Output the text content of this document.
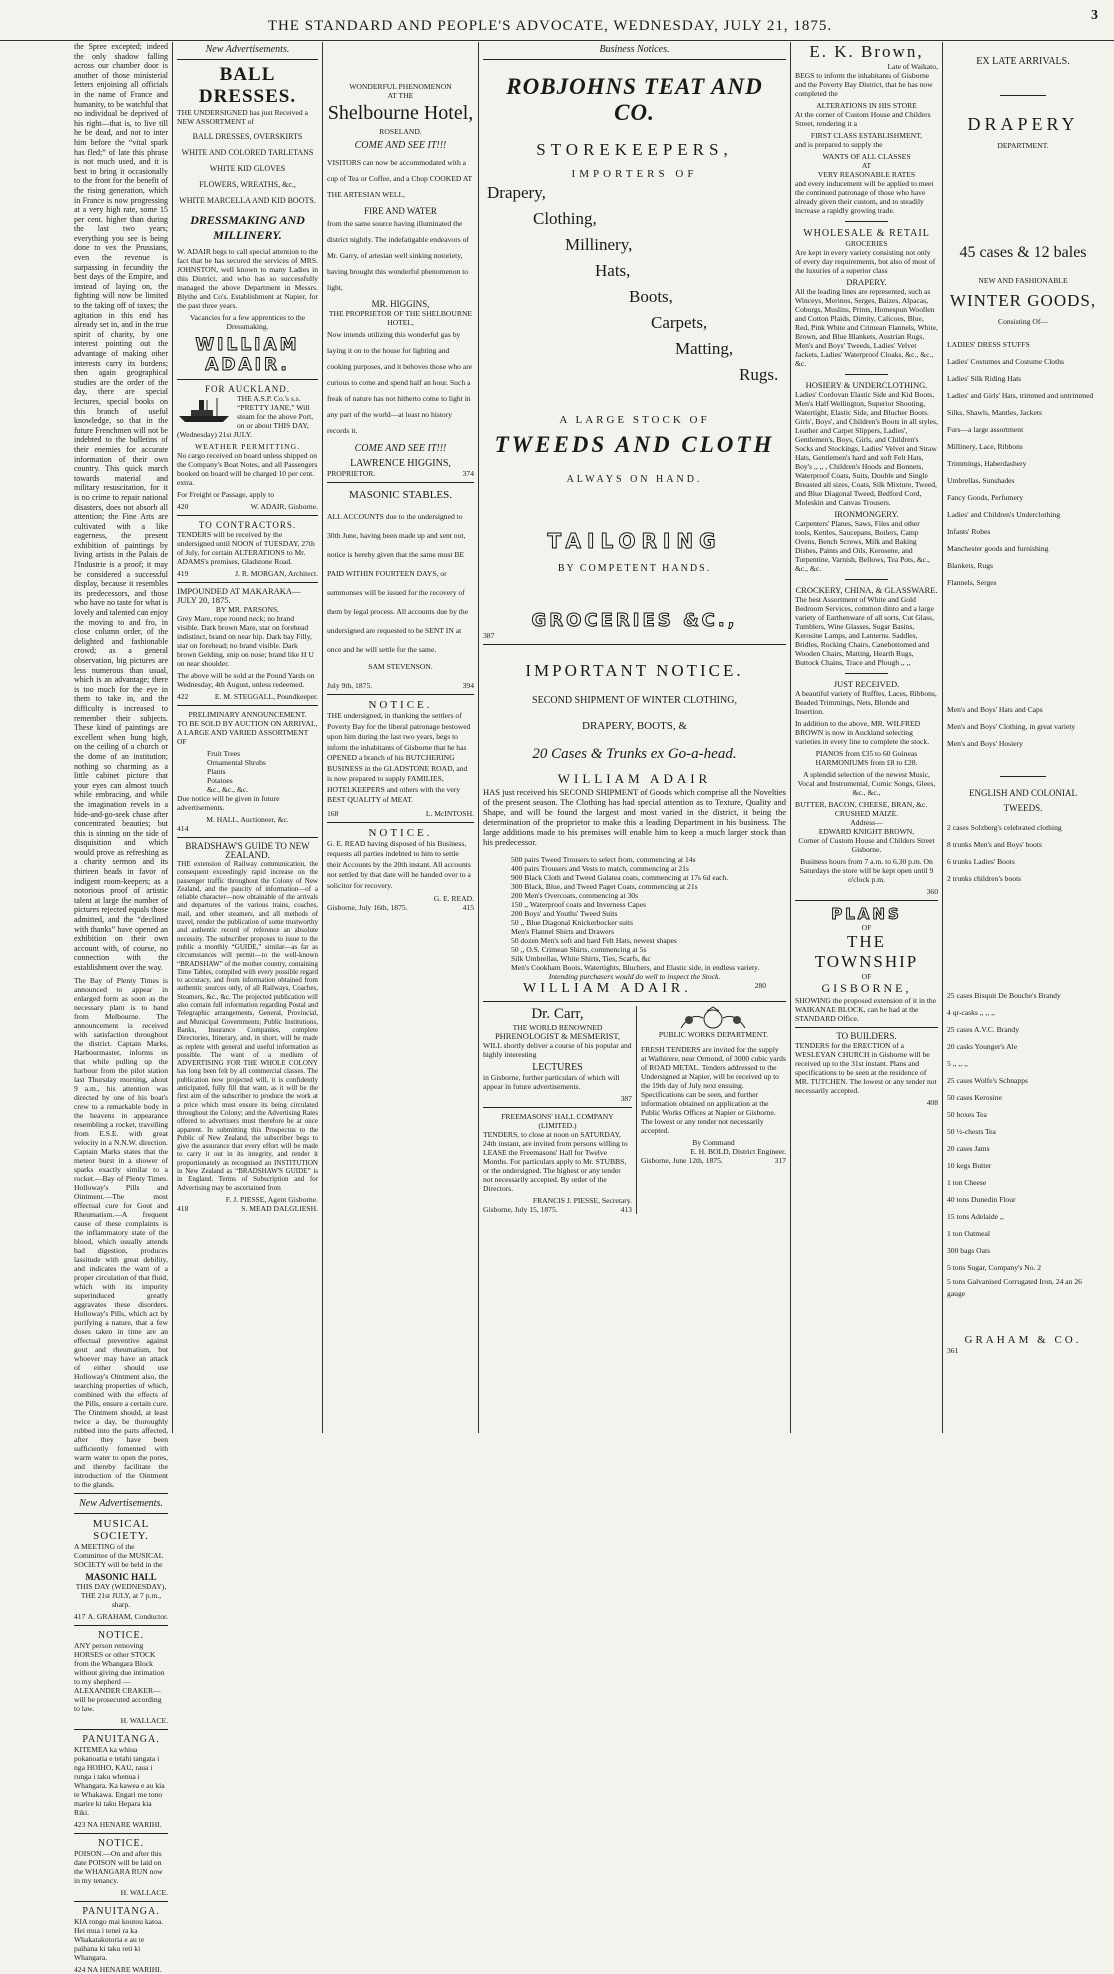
THE STANDARD AND PEOPLE'S ADVOCATE, WEDNESDAY, JULY 21, 1875.
3

the Spree excepted; indeed the only shadow falling across our chamber door is another of those ministerial letters enjoining all officials in the name of France and humanity, to be watchful that no individual be deprived of his right—that is, to live till he be dead, and not to inter him before the “vital spark has fled;” of late this phrase is not much used, and it is best to bring it occasionally to the front for the benefit of the rising generation, which in France is now progressing at a very high rate, some 15 per cent. higher than during the last two years; everything you see is being done to vex the Prussians, even the revenue is surpassing in fecundity the best days of the Empire, and instead of laying on, the fighting will now be limited to the taking off of taxes; the agitation in this end has already set in, and in the true spirit of charity, by one interest pointing out the advantage of making other interests carry its burdens; then again geographical studies are the order of the day, there are special lectures, special books on this branch of useful knowledge, so that in the future Frenchmen will not be indebted to the bulletins of their enemies for accurate information of their own country. This quick march towards material and military resuscitation, for it is no crime to repair national disasters, does not absorb all attention; the Fine Arts are cultivated with a like eagerness, the present exhibition of paintings by living artists in the Palais de l'Industrie is a proof; it may be considered a successful display, because it resembles its predecessors, and those who have no taste for what is lovely and talented can enjoy the moving to and fro, in close column order, of the delighted and fashionable crowd; as a general observation, big pictures are less numerous than usual, which is an advantage; there is too much for the eye in them to take in, and the difficulty is increased to remember their subjects. These kind of paintings are excellent when hung high, on the ceiling of a church or the dome of an institution; nothing so charming as a little cabinet picture that your eyes can almost touch while embracing, and while the imagination revels in a hide-and-go-seek chase after concentrated beauties; but this is sinning on the side of disquisition and which would prove as refreshing as a charity sermon and its thirteen heads in favor of indigent room-keepers; as a notorious proof of artistic talent at large the number of pictures rejected equals those admitted, and the “declined with thanks” have opened an exhibition on their own account with, of course, no connection with the establishment over the way.

The Bay of Plenty Times is announced to appear in enlarged form as soon as the necessary plant is to hand from Melbourne. The announcement is received with satisfaction throughout the district. Captain Marks, Harbourmaster, informs us that while pulling up the harbour from the pilot station last Thursday morning, about 9 a.m., his attention was directed by one of his boat's crew to a remarkable body in the heavens in appearance resembling a rocket, travelling from E.S.E. with great velocity in a N.N.W. direction. Captain Marks states that the meteor burst in a shower of sparks exactly similar to a rocket.—Bay of Plenty Times. Holloway's Pills and Ointment.—The most effectual cure for Gout and Rheumatism.—A frequent cause of these complaints is the inflammatory state of the blood, which usually attends bad digestion, produces lassitude with great debility, and indicates the want of a proper circulation of that fluid, which with its impurity superinduced greatly aggravates these disorders. Holloway's Pills, which act by purifying a nature, that a few doses taken in time are an effectual preventive against gout and rheumatism, but whoever may have an attack of either should use Holloway's Ointment also, the searching properties of which, combined with the effects of the Pills, ensure a certain cure. The Ointment should, at least twice a day, be thoroughly rubbed into the parts affected, after they have been sufficiently fomented with warm water to open the pores, and thereby facilitate the introduction of the Ointment to the glands.

New Advertisements.
MUSICAL SOCIETY.

A MEETING of the Committee of the MUSICAL SOCIETY will be held in the

MASONIC HALL

THIS DAY (WEDNESDAY), THE 21st JULY, at 7 p.m., sharp.

417 A. GRAHAM, Conductor.
NOTICE.

ANY person removing HORSES or other STOCK from the Whangara Block without giving due intimation to my shepherd —ALEXANDER CRAKER—will be prosecuted according to law.

H. WALLACE.
PANUITANGA.

KITEMEA ka whiua pokanoatia e tetahi tangata i nga HOIHO, KAU, raua i runga i taku whenua i Whangara. Ka kawea e au kia te Whakawa. Engari me tono marire ki taku Hepara kia Riki.

423 NA HENARE WARIHI.
NOTICE.

POISON.—On and after this date POISON will be laid on the WHANGARA RUN now in my tenancy.

H. WALLACE.
PANUITANGA.

KIA rongo mai koutou katoa. Hei mua i tenei ra ka Whakatakotoria e au te paihana ki taku reti ki Whangara.

424 NA HENARE WARIHI.
New Advertisements.
BALL DRESSES.

THE UNDERSIGNED has just Received a NEW ASSORTMENT of

BALL DRESSES, OVERSKIRTS
WHITE AND COLORED TARLETANS
WHITE KID GLOVES
FLOWERS, WREATHS, &c.,
WHITE MARCELLA AND KID BOOTS.
DRESSMAKING AND MILLINERY.

W. ADAIR begs to call special attention to the fact that he has secured the services of MRS. JOHNSTON, well known to many Ladies in this District, and who has so successfully managed the above Department in Messrs. Blythe and Co's. Establishment at Napier, for the past three years.

Vacancies for a few apprentices to the Dressmaking.

WILLIAM ADAIR.
FOR AUCKLAND.

THE A.S.P. Co.'s s.s. “PRETTY JANE,” Will steam for the above Port, on or about THIS DAY, (Wednesday) 21st JULY.

WEATHER PERMITTING.

No cargo received on board unless shipped on the Company's Boat Notes, and all Passengers booked on board will be charged 10 per cent. extra.

For Freight or Passage, apply to

420	W. ADAIR, Gisborne.
TO CONTRACTORS.

TENDERS will be received by the undersigned until NOON of TUESDAY, 27th of July, for certain ALTERATIONS to Mr. ADAMS's premises, Gladstone Road.

419	J. R. MORGAN, Architect.
IMPOUNDED AT MAKARAKA—JULY 20, 1875.
BY MR. PARSONS.

Grey Mare, rope round neck; no brand visible. Dark brown Mare, star on forehead indistinct, brand on near hip. Dark bay Filly, star on forehead; no brand visible. Dark brown Gelding, snip on nose; brand like H U on near shoulder.

The above will be sold at the Pound Yards on Wednesday, 4th August, unless redeemed.

422	E. M. STEGGALL, Poundkeeper.
PRELIMINARY ANNOUNCEMENT.
TO BE SOLD BY AUCTION ON ARRIVAL,

A LARGE AND VARIED ASSORTMENT OF

Fruit Trees
Ornamental Shrubs
Plants
Potatoes
&c., &c., &c.

Due notice will be given in future advertisements.

M. HALL, Auctioneer, &c.
414
BRADSHAW'S GUIDE TO NEW ZEALAND.

THE extension of Railway communication, the consequent exceedingly rapid increase on the passenger traffic throughout the Colony of New Zealand, and the paucity of information—of a reliable character—now obtainable of the arrivals and departures of the various trains, coaches, mail, and other steamers, and all methods of travel, render the publication of some trustworthy and authentic record of reference an absolute necessity. The subscriber proposes to issue to the public a monthly “GUIDE,” similar—as far as circumstances will permit—to the well-known “BRADSHAW” of the mother country, containing Time Tables, compiled with every possible regard to accuracy, and from information obtained from authentic sources only, of all Railways, Coaches, Steamers, &c., &c. The projected publication will also contain full information regarding Postal and Telegraphic arrangements, General, Provincial, and Municipal Governments; Public Institutions, Banks, Insurance Companies, complete Directories, Itinerary, and, in short, will be made as replete with general and useful information as possible. The want of a medium of ADVERTISING FOR THE WHOLE COLONY has long been felt by all commercial classes. The publication now projected will, it is confidently anticipated, fully fill that want, as it will be the first aim of the subscriber to produce the work at a price which must ensure its being circulated throughout the Colony; and the Advertising Rates offered to advertisers must therefore be at once apparent. In submitting this Prospectus to the Public of New Zealand, the subscriber begs to give the assurance that every effort will be made to carry it out in its integrity, and render it proportionately as recognised an INSTITUTION in New Zealand as “BRADSHAW'S GUIDE” is in England. Terms of Subscription and for Advertising may be ascertained from

F. J. PIESSE, Agent Gisborne.
418	S. MEAD DALGLIESH.
WONDERFUL PHENOMENON
AT THE
Shelbourne Hotel,
ROSELAND.
COME AND SEE IT!!!

VISITORS can now be accommodated with a cup of Tea or Coffee, and a Chop COOKED AT THE ARTESIAN WELL,

FIRE AND WATER

from the same source having illuminated the district nightly. The indefatigable endeavors of Mr. Garry, of artesian well sinking notoriety, having brought this wonderful phenomenon to light,

MR. HIGGINS,
THE PROPRIETOR OF THE SHELBOURNE HOTEL,

Now intends utilizing this wonderful gas by laying it on to the house for lighting and cooking purposes, and it behoves those who are curious to come and spend half an hour. Such a freak of nature has not hitherto come to light in any part of the world—at least no history records it.

COME AND SEE IT!!!
LAWRENCE HIGGINS,
PROPRIETOR.	374
MASONIC STABLES.

ALL ACCOUNTS due to the undersigned to 30th June, having been made up and sent out, notice is hereby given that the same must BE PAID WITHIN FOURTEEN DAYS, or summonses will be issued for the recovery of them by legal process. All accounts due by the undersigned are requested to be SENT IN at once and he will settle for the same.

SAM STEVENSON.
July 9th, 1875.	394
NOTICE.

THE undersigned, in thanking the settlers of Poverty Bay for the liberal patronage bestowed upon him during the last two years, begs to inform the inhabitants of Gisborne that he has OPENED a branch of his BUTCHERING BUSINESS in the GLADSTONE ROAD, and is now prepared to supply FAMILIES, HOTELKEEPERS and others with the very BEST QUALITY of MEAT.

168	L. McINTOSH.
NOTICE.

G. E. READ having disposed of his Business, requests all parties indebted to him to settle their Accounts by the 20th instant. All accounts not settled by that date will be handed over to a solicitor for recovery.

G. E. READ.
Gisborne, July 16th, 1875.	415
Business Notices.
ROBJOHNS TEAT AND CO.
STOREKEEPERS,
IMPORTERS OF
Drapery,
Clothing,
Millinery,
Hats,
Boots,
Carpets,
Matting,
Rugs.
A LARGE STOCK OF
TWEEDS AND CLOTH
ALWAYS ON HAND.
TAILORING
BY COMPETENT HANDS.
GROCERIES &C.,
387
IMPORTANT NOTICE.
SECOND SHIPMENT OF WINTER CLOTHING,
DRAPERY, BOOTS, &
20 Cases & Trunks ex Go-a-head.
WILLIAM ADAIR

HAS just received his SECOND SHIPMENT of Goods which comprise all the Novelties of the present season. The Clothing has had special attention as to Texture, Quality and Shape, and will be found the largest and most varied in the district, it being the determination of the proprietor to make this a leading Department in his business. The large additions made to his premises will enable him to keep a much larger stock than his predecessor.

500 pairs Tweed Trousers to select from, commencing at 14s
400 pairs Trousers and Vests to match, commencing at 21s
900 Black Cloth and Tweed Galatea coats, commencing at 17s 6d each.
300 Black, Blue, and Tweed Paget Coats, commencing at 21s
200 Men's Overcoats, commencing at 30s
150 ,, Waterproof coats and Inverness Capes
200 Boys' and Youths' Tweed Suits
50 ,, Blue Diagonal Knickerbocker suits
Men's Flannel Shirts and Drawers
50 dozen Men's soft and hard Felt Hats, newest shapes
50 ,, O.S. Crimean Shirts, commencing at 5s
Silk Umbrellas, White Shirts, Ties, Scarfs, &c
Men's Cookham Boots, Watertights, Bluchers, and Elastic side, in endless variety.
Intending purchasers would do well to inspect the Stock.
WILLIAM ADAIR.	280
Dr. Carr,
THE WORLD RENOWNED
PHRENOLOGIST & MESMERIST,

WILL shortly deliver a course of his popular and highly interesting

LECTURES

in Gisborne, further particulars of which will appear in future advertisements.

387
FREEMASONS' HALL COMPANY (LIMITED.)

TENDERS, to close at noon on SATURDAY, 24th instant, are invited from persons willing to LEASE the Freemasons' Hall for Twelve Months. For particulars apply to Mr. STUBBS, or the undersigned. The highest or any tender not necessarily accepted. By order of the Directors.

FRANCIS J. PIESSE, Secretary.
Gisborne, July 15, 1875.	413
PUBLIC WORKS DEPARTMENT.

FRESH TENDERS are invited for the supply at Waihirere, near Ormond, of 3000 cubic yards of ROAD METAL. Tenders addressed to the Undersigned at Napier, will be received up to the 19th day of July next ensuing. Specifications can be seen, and further information obtained on application at the Public Works Offices at Napier or Gisborne. The lowest or any tender not necessarily accepted.

By Command
E. H. BOLD, District Engineer.
Gisborne, June 12th, 1875.	317
E. K. Brown,
Late of Waikato,

BEGS to inform the inhabitants of Gisborne and the Poverty Bay District, that he has now completed the

ALTERATIONS IN HIS STORE

At the corner of Custom House and Childers Street, rendering it a

FIRST CLASS ESTABLISHMENT,

and is prepared to supply the

WANTS OF ALL CLASSES
AT
VERY REASONABLE RATES

and every inducement will be applied to meet the continued patronage of those who have already given their custom, and to steadily increase a rapidly growing trade.

WHOLESALE & RETAIL
GROCERIES

Are kept in every variety consisting not only of every day requirements, but also of most of the luxuries of a superior class

DRAPERY.

All the leading lines are represented, such as Winceys, Merinos, Serges, Baizes, Alpacas, Coburgs, Muslins, Prints, Homespun Woollen and Cotton Plaids, Dimity, Calicoes, Blue, Red, Pink White and Crimean Flannels, White, Brown, and Blue Blankets, Austrian Rugs, Men's and Boys' Tweeds, Ladies' Velvet Jackets, Ladies' Waterproof Cloaks, &c., &c., &c.

HOSIERY & UNDERCLOTHING.

Ladies' Cordovan Elastic Side and Kid Boots, Men's Half Wellington, Superior Shooting, Watertight, Elastic Side, and Blucher Boots. Girls', Boys', and Children's Boots in all styles, Leather and Carpet Slippers, Ladies', Gentlemen's, Boys, Girls, and Children's Socks and Stockings, Ladies' Velvet and Straw Hats, Gentlemen's hard and soft Felt Hats, Boy's ,, ,, , Children's Hoods and Bonnets, Waterproof Coats, Suits, Double and Single Breasted all sizes, Coats, Silk Mixture, Tweed, and Blue Diagonal Tweed, Bedford Cord, Moleskin and Canvas Trousers.

IRONMONGERY.

Carpenters' Planes, Saws, Files and other tools, Kettles, Saucepans, Boilers, Camp Ovens, Bench Screws, Milk and Baking Dishes, Paints and Oils, Kerosene, and Turpentine, Varnish, Bellows, Tea Pots, &c., &c., &c.

CROCKERY, CHINA, & GLASSWARE.

The best Assortment of White and Gold Bedroom Services, common dinto and a large variety of Earthenware of all sorts, Cut Glass, Tumblers, Wine Glasses, Sugar Basins, Kerosine Lamps, and Lanterns. Saddles, Bridles, Rocking Chairs, Canebottomed and Wooden Chairs, Matting, Hearth Rugs, Buttock Chains, Trace and Plough ,, ,,

JUST RECEIVED.

A beautiful variety of Ruffles, Laces, Ribbons, Beaded Trimmings, Nets, Blonde and Insertion.

In addition to the above, MR. WILFRED BROWN is now in Auckland selecting varieties in every line to complete the stock.

PIANOS from £35 to 60 Guineas HARMONIUMS from £8 to £28.

A splendid selection of the newest Music, Vocal and Instrumental, Comic Songs, Glees, &c., &c.,

BUTTER, BACON, CHEESE, BRAN, &c.
CRUSHED MAIZE.
Address—
EDWARD KNIGHT BROWN,

Corner of Custom House and Childers Street Gisborne.

Business hours from 7 a.m. to 6.30 p.m. On Saturdays the store will be kept open until 9 o'clock p.m.

360
PLANS
OF
THE TOWNSHIP
OF
GISBORNE,

SHOWING the proposed extension of it in the WAIKANAE BLOCK, can be had at the STANDARD Office.

TO BUILDERS.

TENDERS for the ERECTION of a WESLEYAN CHURCH in Gisborne will be received up to the 31st instant. Plans and specifications to be seen at the residence of MR. TUTCHEN. The lowest or any tender not necessarily accepted.

408
EX LATE ARRIVALS.
DRAPERY
DEPARTMENT.
45 cases & 12 bales
NEW AND FASHIONABLE
WINTER GOODS,
Consisting Of—
LADIES' DRESS STUFFS
Ladies' Costumes and Costume Cloths
Ladies' Silk Riding Hats
Ladies' and Girls' Hats, trimmed and untrimmed
Silks, Shawls, Mantles, Jackets
Furs—a large assortment
Millinery, Lace, Ribbons
Trimmings, Haberdashery
Umbrellas, Sunshades
Fancy Goods, Perfumery
Ladies' and Children's Underclothing
Infants' Robes
Manchester goods and furnishing
Blankets, Rugs
Flannels, Serges
Men's and Boys' Hats and Caps
Men's and Boys' Clothing, in great variety
Men's and Boys' Hosiery
ENGLISH AND COLONIAL
TWEEDS.
2 cases Solzberg's celebrated clothing
8 trunks Men's and Boys' boots
6 trunks Ladies' Boots
2 trunks children's boots
25 cases Bisquit De Bouche's Brandy
4 qr-casks ,, ,, ,,
25 cases A.V.C. Brandy
20 casks Younger's Ale
5 ,, ,, ,,
25 cases Wolfe's Schnapps
50 cases Kerosine
50 boxes Tea
50 ½-chests Tea
20 cases Jams
10 kegs Butter
1 ton Cheese
40 tons Dunedin Flour
15 tons Adelaide ,,
1 ton Oatmeal
300 bags Oats
5 tons Sugar, Company's No. 2
5 tons Galvanised Corrugated Iron, 24 an 26 gauge
GRAHAM & CO.
361
